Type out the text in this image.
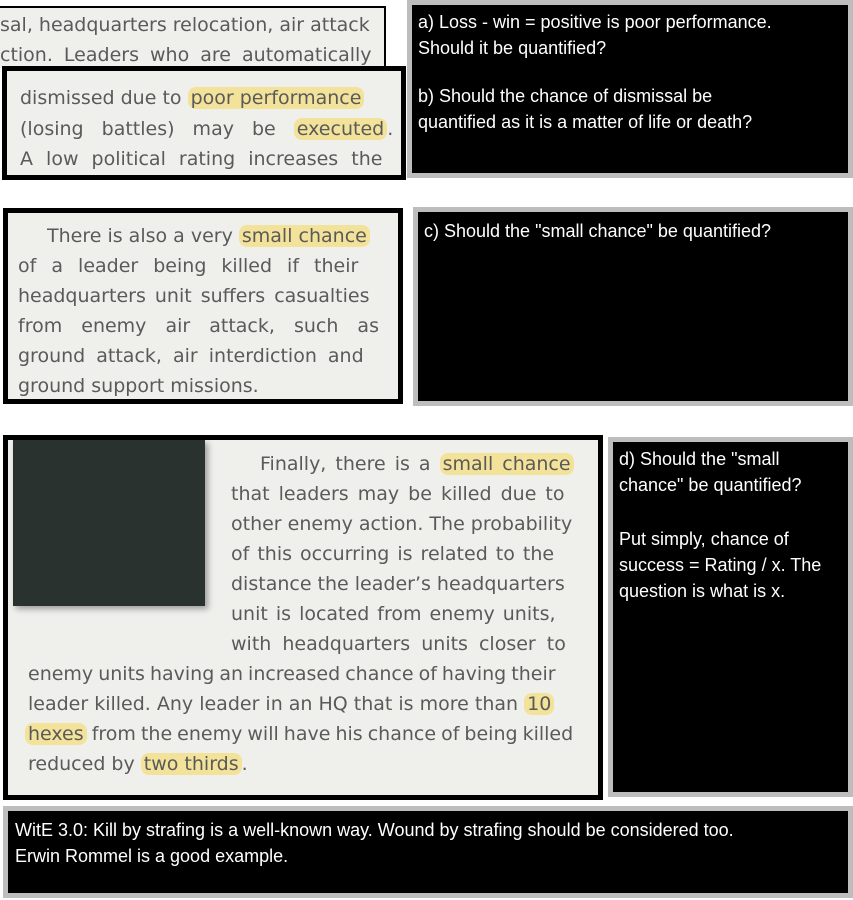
sal, headquarters relocation, air attack
ction. Leaders who are automatically
dismissed due to poor performance
(losing battles) may be executed .
A low political rating increases the

a) Loss - win = positive is poor performance.

Should it be quantified?

b) Should the chance of dismissal be

quantified as it is a matter of life or death?

There is also a very small chance
of a leader being killed if their
headquarters unit suffers casualties
from enemy air attack, such as
ground attack, air interdiction and
ground support missions.

c) Should the "small chance" be quantified?

Finally, there is a small chance
that leaders may be killed due to
other enemy action. The probability
of this occurring is related to the
distance the leader’s headquarters
unit is located from enemy units,
with headquarters units closer to
enemy units having an increased chance of having their
leader killed. Any leader in an HQ that is more than 10
hexes from the enemy will have his chance of being killed
reduced by two thirds .

d) Should the "small

chance" be quantified?

Put simply, chance of

success = Rating / x. The

question is what is x.

WitE 3.0: Kill by strafing is a well-known way. Wound by strafing should be considered too.

Erwin Rommel is a good example.
